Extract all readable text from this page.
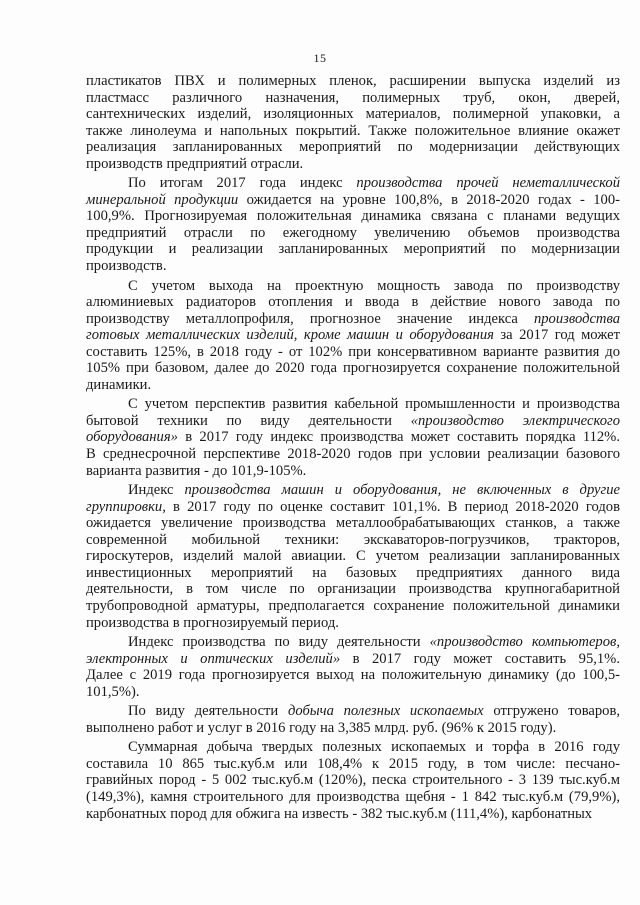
15
пластикатов ПВХ и полимерных пленок, расширении выпуска изделий из
пластмасс различного назначения, полимерных труб, окон, дверей,
сантехнических изделий, изоляционных материалов, полимерной упаковки, а
также линолеума и напольных покрытий. Также положительное влияние окажет
реализация запланированных мероприятий по модернизации действующих
производств предприятий отрасли.
По итогам 2017 года индекс производства прочей неметаллической
минеральной продукции ожидается на уровне 100,8%, в 2018-2020 годах - 100-
100,9%. Прогнозируемая положительная динамика связана с планами ведущих
предприятий отрасли по ежегодному увеличению объемов производства
продукции и реализации запланированных мероприятий по модернизации
производств.
С учетом выхода на проектную мощность завода по производству
алюминиевых радиаторов отопления и ввода в действие нового завода по
производству металлопрофиля, прогнозное значение индекса производства
готовых металлических изделий, кроме машин и оборудования за 2017 год может
составить 125%, в 2018 году - от 102% при консервативном варианте развития до
105% при базовом, далее до 2020 года прогнозируется сохранение положительной
динамики.
С учетом перспектив развития кабельной промышленности и производства
бытовой техники по виду деятельности «производство электрического
оборудования» в 2017 году индекс производства может составить порядка 112%.
В среднесрочной перспективе 2018-2020 годов при условии реализации базового
варианта развития - до 101,9-105%.
Индекс производства машин и оборудования, не включенных в другие
группировки, в 2017 году по оценке составит 101,1%. В период 2018-2020 годов
ожидается увеличение производства металлообрабатывающих станков, а также
современной мобильной техники: экскаваторов-погрузчиков, тракторов,
гироскутеров, изделий малой авиации. С учетом реализации запланированных
инвестиционных мероприятий на базовых предприятиях данного вида
деятельности, в том числе по организации производства крупногабаритной
трубопроводной арматуры, предполагается сохранение положительной динамики
производства в прогнозируемый период.
Индекс производства по виду деятельности «производство компьютеров,
электронных и оптических изделий» в 2017 году может составить 95,1%.
Далее с 2019 года прогнозируется выход на положительную динамику (до 100,5-
101,5%).
По виду деятельности добыча полезных ископаемых отгружено товаров,
выполнено работ и услуг в 2016 году на 3,385 млрд. руб. (96% к 2015 году).
Суммарная добыча твердых полезных ископаемых и торфа в 2016 году
составила 10 865 тыс.куб.м или 108,4% к 2015 году, в том числе: песчано-
гравийных пород - 5 002 тыс.куб.м (120%), песка строительного - 3 139 тыс.куб.м
(149,3%), камня строительного для производства щебня - 1 842 тыс.куб.м (79,9%),
карбонатных пород для обжига на известь - 382 тыс.куб.м (111,4%), карбонатных
